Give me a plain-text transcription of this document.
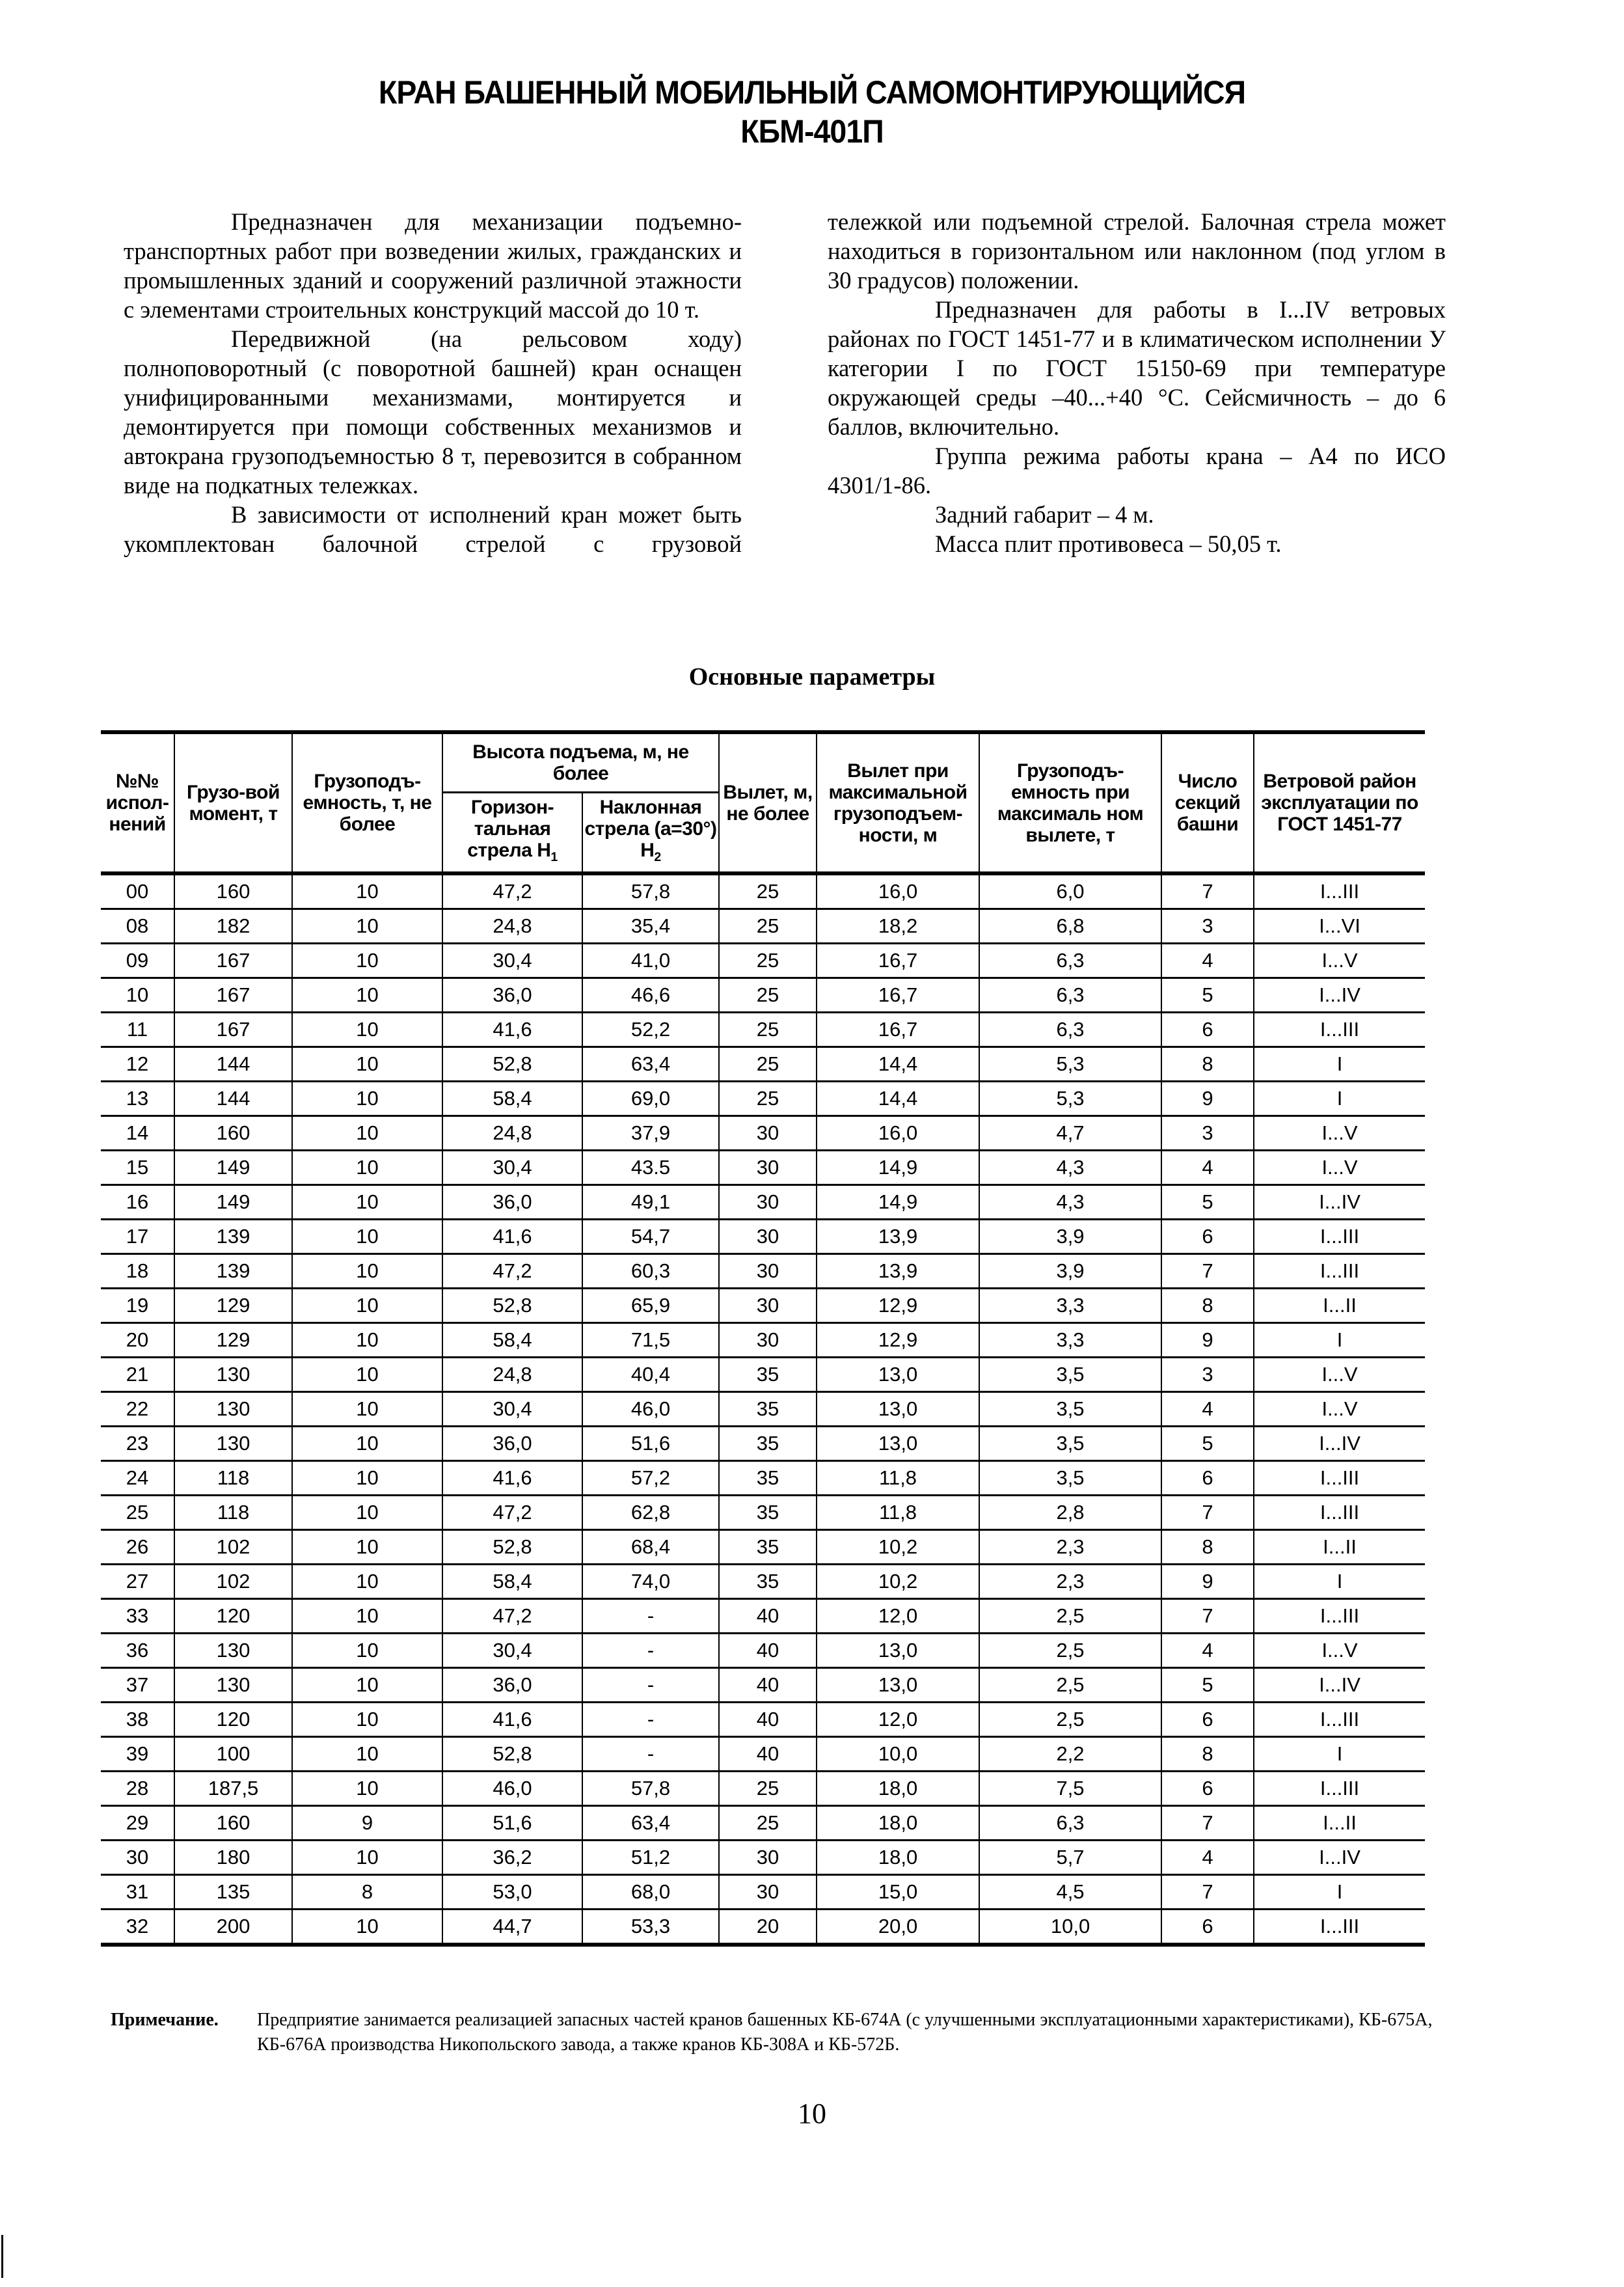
КРАН БАШЕННЫЙ МОБИЛЬНЫЙ САМОМОНТИРУЮЩИЙСЯ
КБМ-401П

Предназначен для механизации подъемно-транспортных работ при возведении жилых, гражданских и промышленных зданий и сооружений различной этажности с элементами строительных конструкций массой до 10 т.

Передвижной (на рельсовом ходу) полноповоротный (с поворотной башней) кран оснащен унифицированными механизмами, монтируется и демонтируется при помощи собственных механизмов и автокрана грузоподъемностью 8 т, перевозится в собранном виде на подкатных тележках.

В зависимости от исполнений кран может быть укомплектован балочной стрелой с грузовой

тележкой или подъемной стрелой. Балочная стрела может находиться в горизонтальном или наклонном (под углом в 30 градусов) положении.

Предназначен для работы в I...IV ветровых районах по ГОСТ 1451-77 и в климатическом исполнении У категории I по ГОСТ 15150-69 при температуре окружающей среды –40...+40 °С. Сейсмичность – до 6 баллов, включительно.

Группа режима работы крана – А4 по ИСО 4301/1-86.

Задний габарит – 4 м.

Масса плит противовеса – 50,05 т.

Основные параметры
№№ испол-нений	Грузо-вой момент, т	Грузоподъ-емность, т, не более	Высота подъема, м, не более		Вылет, м, не более	Вылет при максимальной грузоподъем-ности, м	Грузоподъ-емность при максималь ном вылете, т	Число секций башни	Ветровой район эксплуатации по ГОСТ 1451-77
			Горизон-тальная стрела $H_1$	Наклонная стрела (a=30°) $H_2$
00	160	10	47,2	57,8	25	16,0	6,0	7	I...III
08	182	10	24,8	35,4	25	18,2	6,8	3	I...VI
09	167	10	30,4	41,0	25	16,7	6,3	4	I...V
10	167	10	36,0	46,6	25	16,7	6,3	5	I...IV
11	167	10	41,6	52,2	25	16,7	6,3	6	I...III
12	144	10	52,8	63,4	25	14,4	5,3	8	I
13	144	10	58,4	69,0	25	14,4	5,3	9	I
14	160	10	24,8	37,9	30	16,0	4,7	3	I...V
15	149	10	30,4	43.5	30	14,9	4,3	4	I...V
16	149	10	36,0	49,1	30	14,9	4,3	5	I...IV
17	139	10	41,6	54,7	30	13,9	3,9	6	I...III
18	139	10	47,2	60,3	30	13,9	3,9	7	I...III
19	129	10	52,8	65,9	30	12,9	3,3	8	I...II
20	129	10	58,4	71,5	30	12,9	3,3	9	I
21	130	10	24,8	40,4	35	13,0	3,5	3	I...V
22	130	10	30,4	46,0	35	13,0	3,5	4	I...V
23	130	10	36,0	51,6	35	13,0	3,5	5	I...IV
24	118	10	41,6	57,2	35	11,8	3,5	6	I...III
25	118	10	47,2	62,8	35	11,8	2,8	7	I...III
26	102	10	52,8	68,4	35	10,2	2,3	8	I...II
27	102	10	58,4	74,0	35	10,2	2,3	9	I
33	120	10	47,2	-	40	12,0	2,5	7	I...III
36	130	10	30,4	-	40	13,0	2,5	4	I...V
37	130	10	36,0	-	40	13,0	2,5	5	I...IV
38	120	10	41,6	-	40	12,0	2,5	6	I...III
39	100	10	52,8	-	40	10,0	2,2	8	I
28	187,5	10	46,0	57,8	25	18,0	7,5	6	I...III
29	160	9	51,6	63,4	25	18,0	6,3	7	I...II
30	180	10	36,2	51,2	30	18,0	5,7	4	I...IV
31	135	8	53,0	68,0	30	15,0	4,5	7	I
32	200	10	44,7	53,3	20	20,0	10,0	6	I...III
Примечание. Предприятие занимается реализацией запасных частей кранов башенных КБ-674А (с улучшенными эксплуатационными характеристиками), КБ-675А, КБ-676А производства Никопольского завода, а также кранов КБ-308А и КБ-572Б.
10
